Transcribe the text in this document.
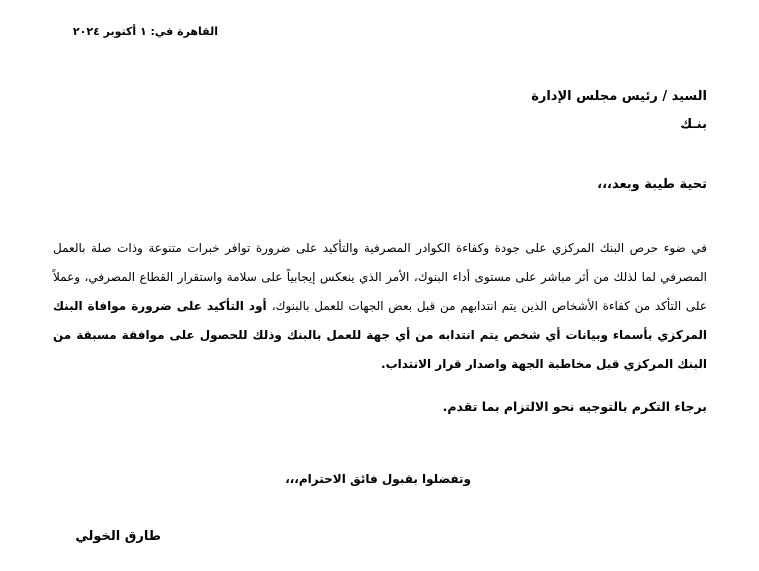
القاهرة في: ١ أكتوبر ٢٠٢٤
السيد / رئيس مجلس الإدارة
بنـك
تحية طيبة وبعد،،،
في ضوء حرص البنك المركزي على جودة وكفاءة الكوادر المصرفية والتأكيد على ضرورة توافر خبرات متنوعة وذات صلة بالعمل المصرفي لما لذلك من أثر مباشر على مستوى أداء البنوك، الأمر الذي ينعكس إيجابياً على سلامة واستقرار القطاع المصرفي، وعملاً على التأكد من كفاءة الأشخاص الذين يتم انتدابهم من قبل بعض الجهات للعمل بالبنوك، أود التأكيد على ضرورة موافاة البنك المركزي بأسماء وبيانات أي شخص يتم انتدابه من أي جهة للعمل بالبنك وذلك للحصول على موافقة مسبقة من البنك المركزي قبل مخاطبة الجهة واصدار قرار الانتداب.
برجاء التكرم بالتوجيه نحو الالتزام بما تقدم.
وتفضلوا بقبول فائق الاحترام،،،
طارق الخولي
